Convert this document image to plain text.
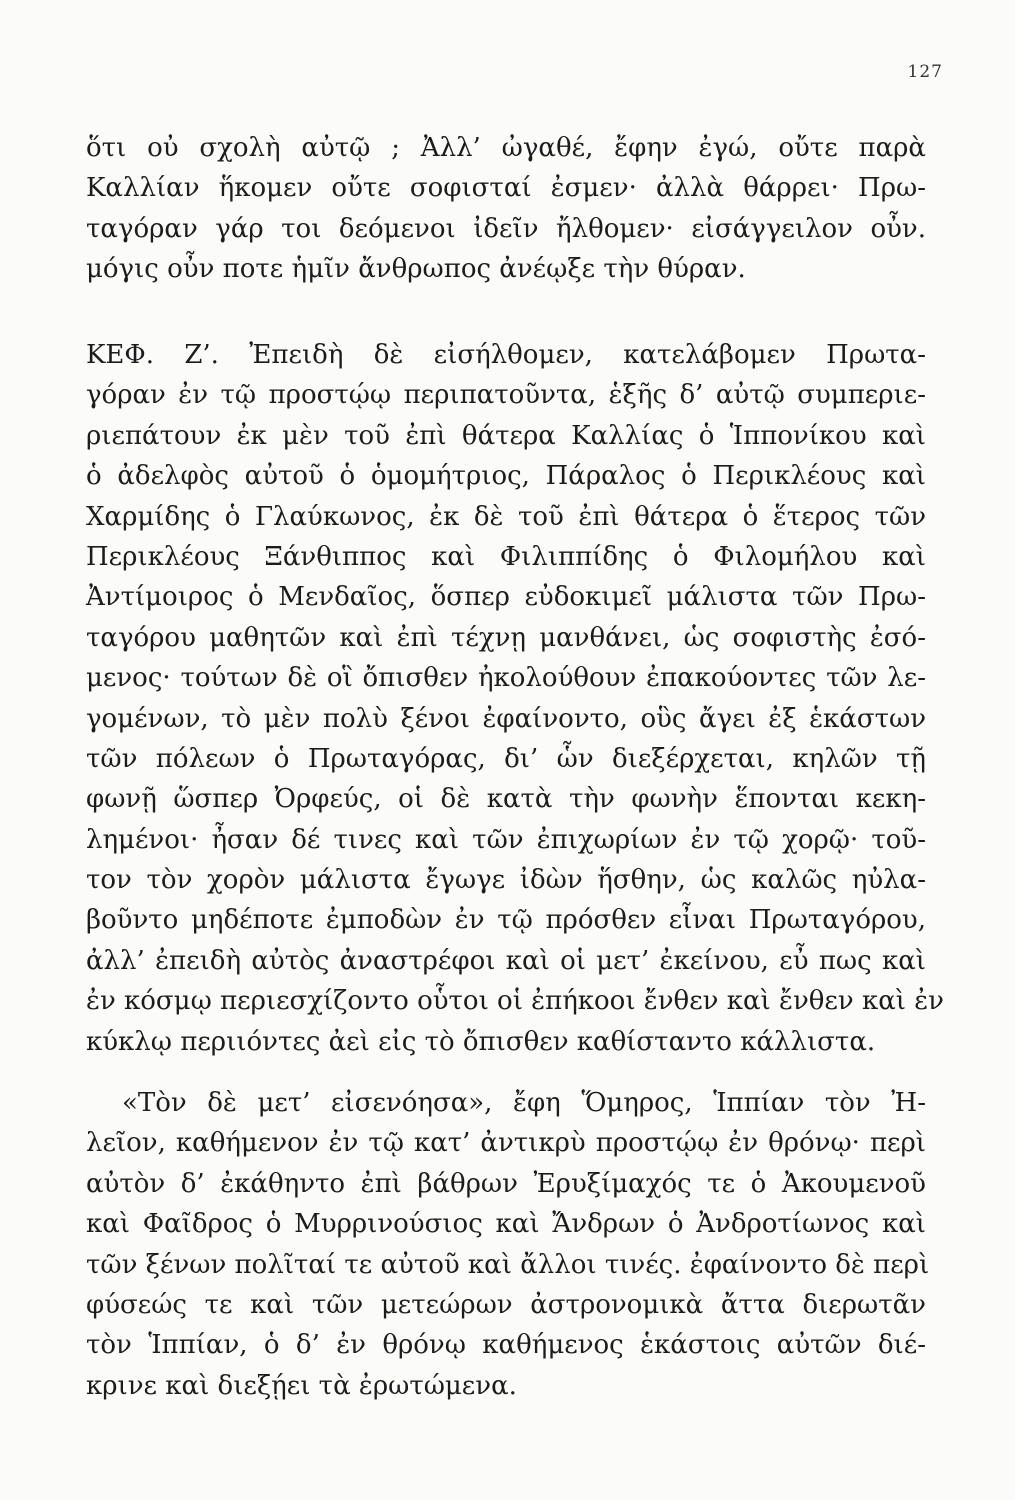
127
ὅτι οὐ σχολὴ αὐτῷ ; Ἀλλ’ ὠγαθέ, ἔφην ἐγώ, οὔτε παρὰ
Καλλίαν ἥκομεν οὔτε σοφισταί ἐσμεν· ἀλλὰ θάρρει· Πρω-
ταγόραν γάρ τοι δεόμενοι ἰδεῖν ἤλθομεν· εἰσάγγειλον οὖν.
μόγις οὖν ποτε ἡμῖν ἄνθρωπος ἀνέῳξε τὴν θύραν.
ΚΕΦ. Ζ’. Ἐπειδὴ δὲ εἰσήλθομεν, κατελάβομεν Πρωτα-
γόραν ἐν τῷ προστῴῳ περιπατοῦντα, ἑξῆς δ’ αὐτῷ συμπεριε-
ριεπάτουν ἐκ μὲν τοῦ ἐπὶ θάτερα Καλλίας ὁ Ἱππονίκου καὶ
ὁ ἀδελφὸς αὐτοῦ ὁ ὁμομήτριος, Πάραλος ὁ Περικλέους καὶ
Χαρμίδης ὁ Γλαύκωνος, ἐκ δὲ τοῦ ἐπὶ θάτερα ὁ ἕτερος τῶν
Περικλέους Ξάνθιππος καὶ Φιλιππίδης ὁ Φιλομήλου καὶ
Ἀντίμοιρος ὁ Μενδαῖος, ὅσπερ εὐδοκιμεῖ μάλιστα τῶν Πρω-
ταγόρου μαθητῶν καὶ ἐπὶ τέχνῃ μανθάνει, ὡς σοφιστὴς ἐσό-
μενος· τούτων δὲ οἳ ὄπισθεν ἠκολούθουν ἐπακούοντες τῶν λε-
γομένων, τὸ μὲν πολὺ ξένοι ἐφαίνοντο, οὓς ἄγει ἐξ ἑκάστων
τῶν πόλεων ὁ Πρωταγόρας, δι’ ὧν διεξέρχεται, κηλῶν τῇ
φωνῇ ὥσπερ Ὀρφεύς, οἱ δὲ κατὰ τὴν φωνὴν ἕπονται κεκη-
λημένοι· ἦσαν δέ τινες καὶ τῶν ἐπιχωρίων ἐν τῷ χορῷ· τοῦ-
τον τὸν χορὸν μάλιστα ἔγωγε ἰδὼν ἥσθην, ὡς καλῶς ηὐλα-
βοῦντο μηδέποτε ἐμποδὼν ἐν τῷ πρόσθεν εἶναι Πρωταγόρου,
ἀλλ’ ἐπειδὴ αὐτὸς ἀναστρέφοι καὶ οἱ μετ’ ἐκείνου, εὖ πως καὶ
ἐν κόσμῳ περιεσχίζοντο οὗτοι οἱ ἐπήκοοι ἔνθεν καὶ ἔνθεν καὶ ἐν
κύκλῳ περιιόντες ἀεὶ εἰς τὸ ὄπισθεν καθίσταντο κάλλιστα.
«Τὸν δὲ μετ’ εἰσενόησα», ἔφη Ὅμηρος, Ἱππίαν τὸν Ἠ-
λεῖον, καθήμενον ἐν τῷ κατ’ ἀντικρὺ προστῴῳ ἐν θρόνῳ· περὶ
αὐτὸν δ’ ἐκάθηντο ἐπὶ βάθρων Ἐρυξίμαχός τε ὁ Ἀκουμενοῦ
καὶ Φαῖδρος ὁ Μυρρινούσιος καὶ Ἄνδρων ὁ Ἀνδροτίωνος καὶ
τῶν ξένων πολῖταί τε αὐτοῦ καὶ ἄλλοι τινές. ἐφαίνοντο δὲ περὶ
φύσεώς τε καὶ τῶν μετεώρων ἀστρονομικὰ ἄττα διερωτᾶν
τὸν Ἱππίαν, ὁ δ’ ἐν θρόνῳ καθήμενος ἑκάστοις αὐτῶν διέ-
κρινε καὶ διεξῄει τὰ ἐρωτώμενα.
